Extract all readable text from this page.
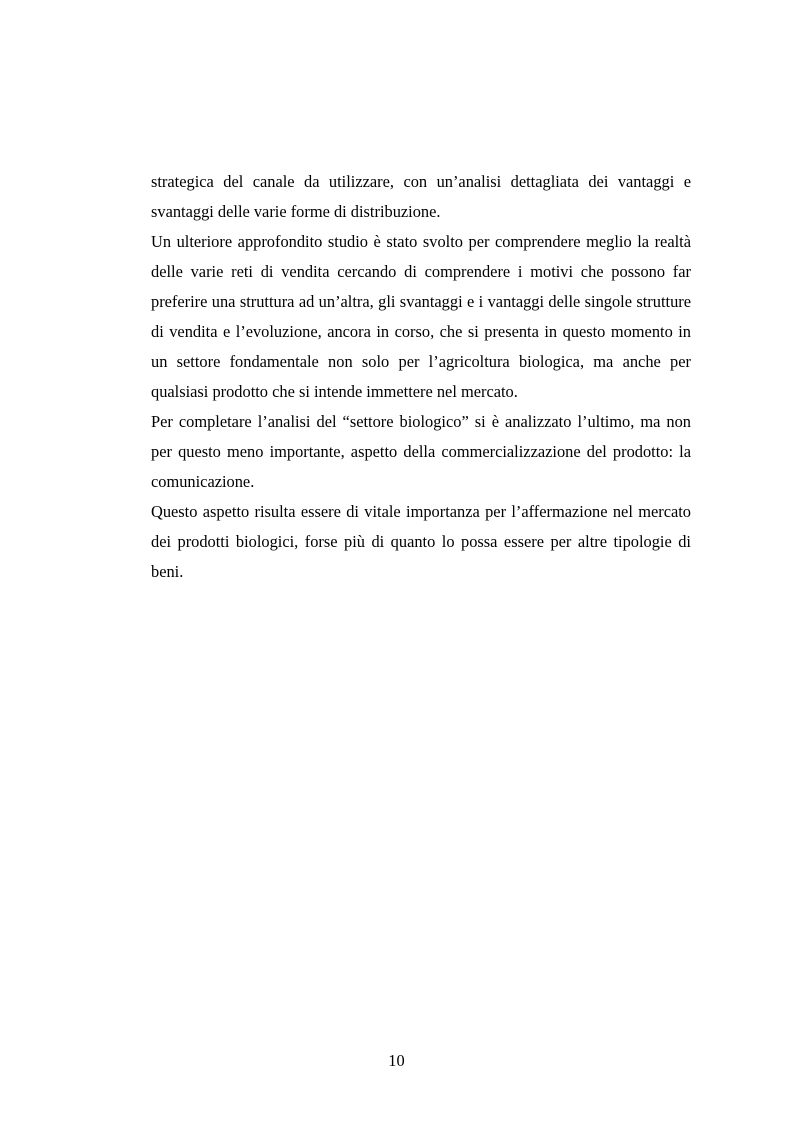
strategica del canale da utilizzare, con un’analisi dettagliata dei vantaggi e svantaggi delle varie forme di distribuzione.

Un ulteriore approfondito studio è stato svolto per comprendere meglio la realtà delle varie reti di vendita cercando di comprendere i motivi che possono far preferire una struttura ad un’altra, gli svantaggi e i vantaggi delle singole strutture di vendita e l’evoluzione, ancora in corso, che si presenta in questo momento in un settore fondamentale non solo per l’agricoltura biologica, ma anche per qualsiasi prodotto che si intende immettere nel mercato.

Per completare l’analisi del “settore biologico” si è analizzato l’ultimo, ma non per questo meno importante, aspetto della commercializzazione del prodotto: la comunicazione.

Questo aspetto risulta essere di vitale importanza per l’affermazione nel mercato dei prodotti biologici, forse più di quanto lo possa essere per altre tipologie di beni.

10
